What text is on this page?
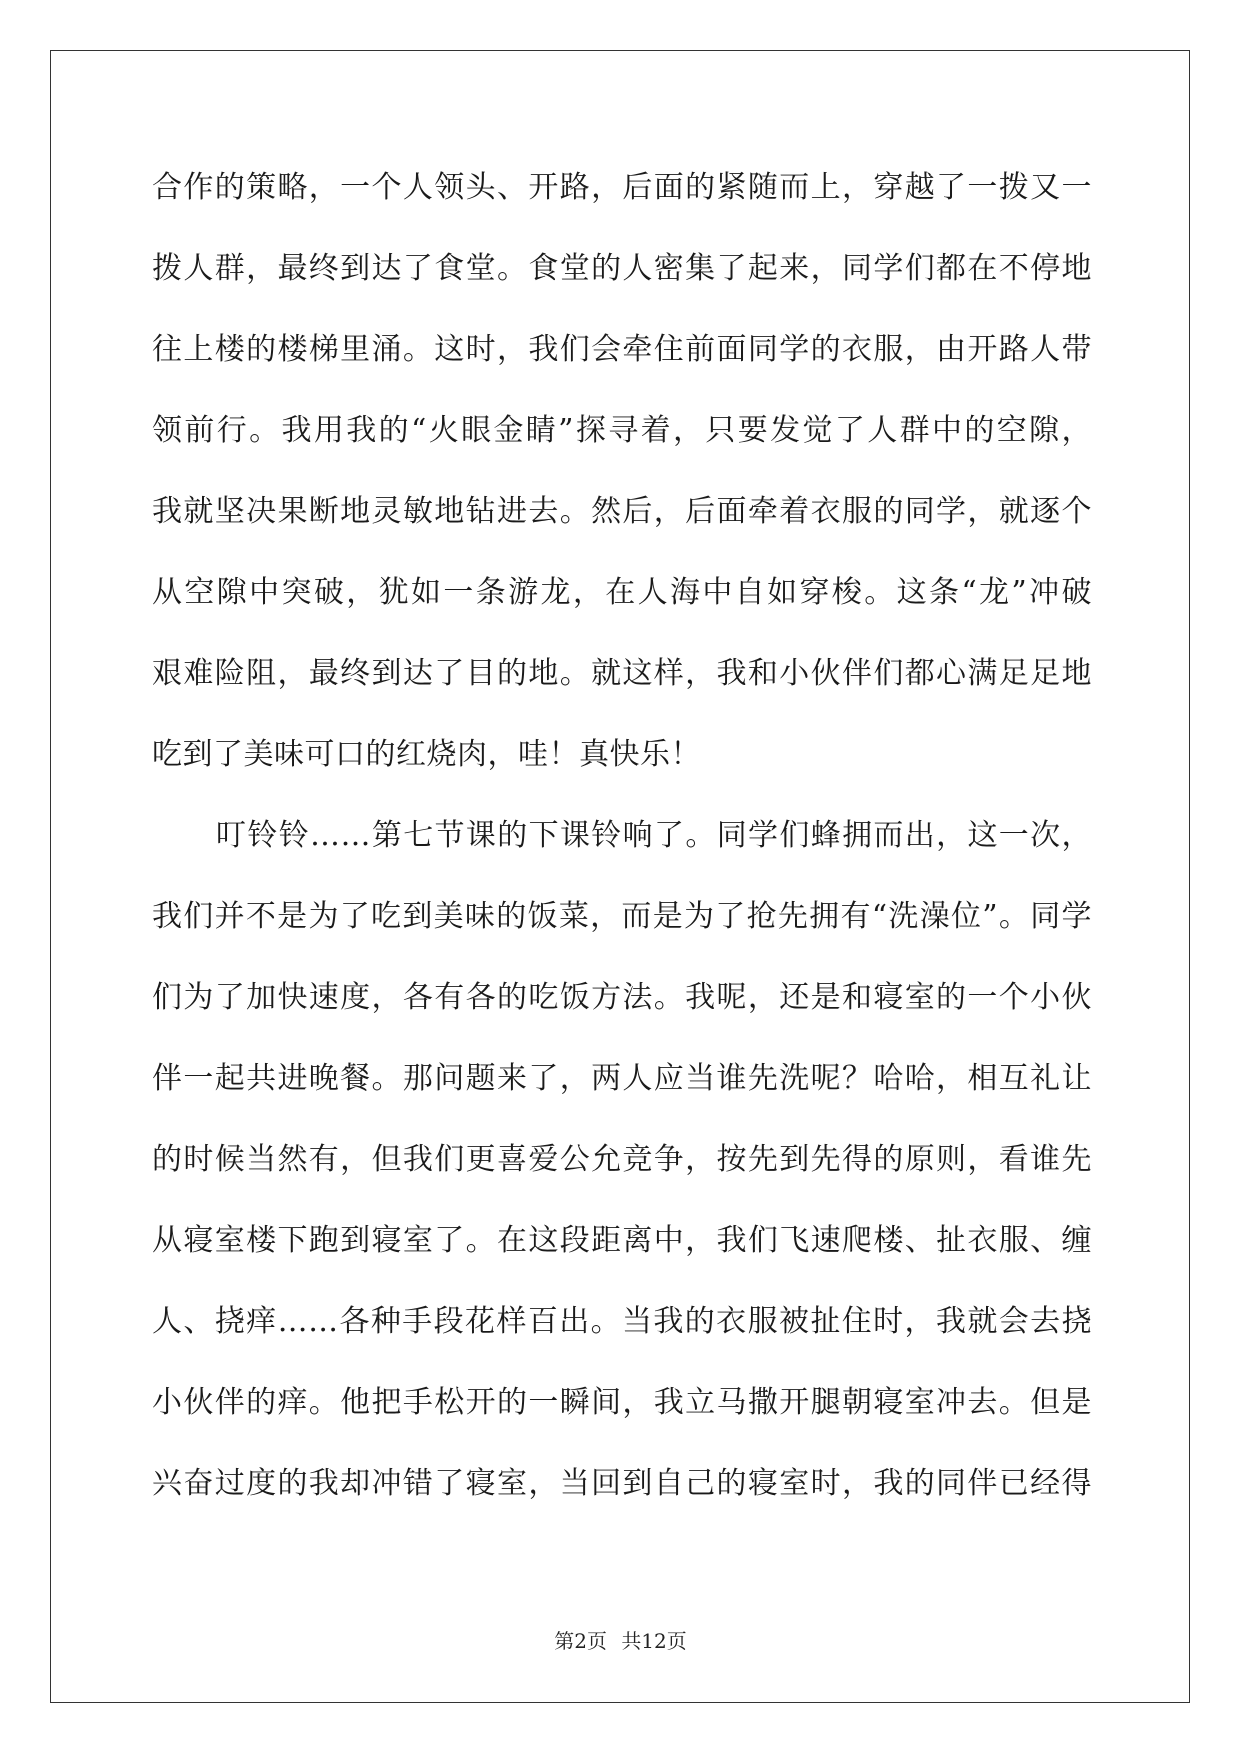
合作的策略，一个人领头、开路，后面的紧随而上，穿越了一拨又一
拨人群，最终到达了食堂。食堂的人密集了起来，同学们都在不停地
往上楼的楼梯里涌。这时，我们会牵住前面同学的衣服，由开路人带
领前行。我用我的“火眼金睛”探寻着，只要发觉了人群中的空隙，
我就坚决果断地灵敏地钻进去。然后，后面牵着衣服的同学，就逐个
从空隙中突破，犹如一条游龙，在人海中自如穿梭。这条“龙”冲破
艰难险阻，最终到达了目的地。就这样，我和小伙伴们都心满足足地
吃到了美味可口的红烧肉，哇！真快乐！
叮铃铃……第七节课的下课铃响了。同学们蜂拥而出，这一次，
我们并不是为了吃到美味的饭菜，而是为了抢先拥有“洗澡位”。同学
们为了加快速度，各有各的吃饭方法。我呢，还是和寝室的一个小伙
伴一起共进晚餐。那问题来了，两人应当谁先洗呢？哈哈，相互礼让
的时候当然有，但我们更喜爱公允竞争，按先到先得的原则，看谁先
从寝室楼下跑到寝室了。在这段距离中，我们飞速爬楼、扯衣服、缠
人、挠痒……各种手段花样百出。当我的衣服被扯住时，我就会去挠
小伙伴的痒。他把手松开的一瞬间，我立马撒开腿朝寝室冲去。但是
兴奋过度的我却冲错了寝室，当回到自己的寝室时，我的同伴已经得
第2页 共12页
